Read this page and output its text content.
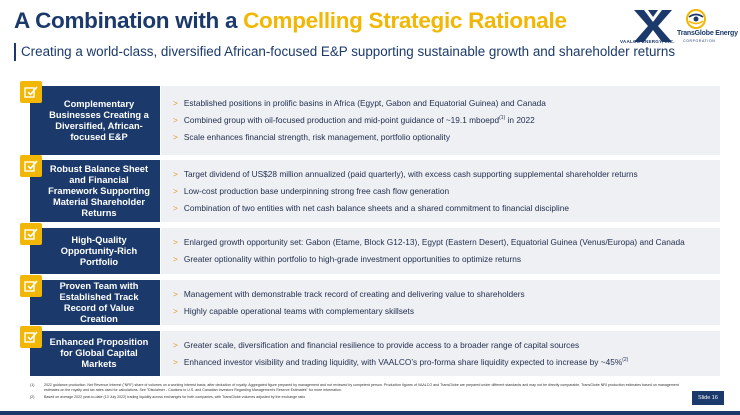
A Combination with a Compelling Strategic Rationale
Creating a world-class, diversified African-focused E&P supporting sustainable growth and shareholder returns
VAALCO ENERGY, INC.
TransGlobe Energy
CORPORATION
Complementary Businesses Creating a Diversified, African-focused E&P
> Established positions in prolific basins in Africa (Egypt, Gabon and Equatorial Guinea) and Canada
> Combined group with oil-focused production and mid-point guidance of ~19.1 mboepd$^{(1)}$ in 2022
> Scale enhances financial strength, risk management, portfolio optionality
Robust Balance Sheet and Financial Framework Supporting Material Shareholder Returns
> Target dividend of US$28 million annualized (paid quarterly), with excess cash supporting supplemental shareholder returns
> Low-cost production base underpinning strong free cash flow generation
> Combination of two entities with net cash balance sheets and a shared commitment to financial discipline
High-Quality Opportunity-Rich Portfolio
> Enlarged growth opportunity set: Gabon (Etame, Block G12-13), Egypt (Eastern Desert), Equatorial Guinea (Venus/Europa) and Canada
> Greater optionality within portfolio to high-grade investment opportunities to optimize returns
Proven Team with Established Track Record of Value Creation
> Management with demonstrable track record of creating and delivering value to shareholders
> Highly capable operational teams with complementary skillsets
Enhanced Proposition for Global Capital Markets
> Greater scale, diversification and financial resilience to provide access to a broader range of capital sources
> Enhanced investor visibility and trading liquidity, with VAALCO’s pro-forma share liquidity expected to increase by ~45%$^{(2)}$
(1)	2022 guidance production. Net Revenue Interest ("NRI") share of volumes on a working interest basis, after deduction of royalty. Aggregated figure prepared by management and not reviewed by competent person. Production figures of VAALCO and TransGlobe are prepared under different standards and may not be directly comparable. TransGlobe NRI production estimates based on management estimates on the royalty and tax rates used for calculations. See "Disclaimer - Cautions to U.S. and Canadian Investors Regarding Management's Reserve Estimates" for more information.
(2)	Based on average 2022 year-to-date (13 July 2022) trading liquidity across exchanges for both companies, with TransGlobe volumes adjusted by the exchange ratio	Slide 16
